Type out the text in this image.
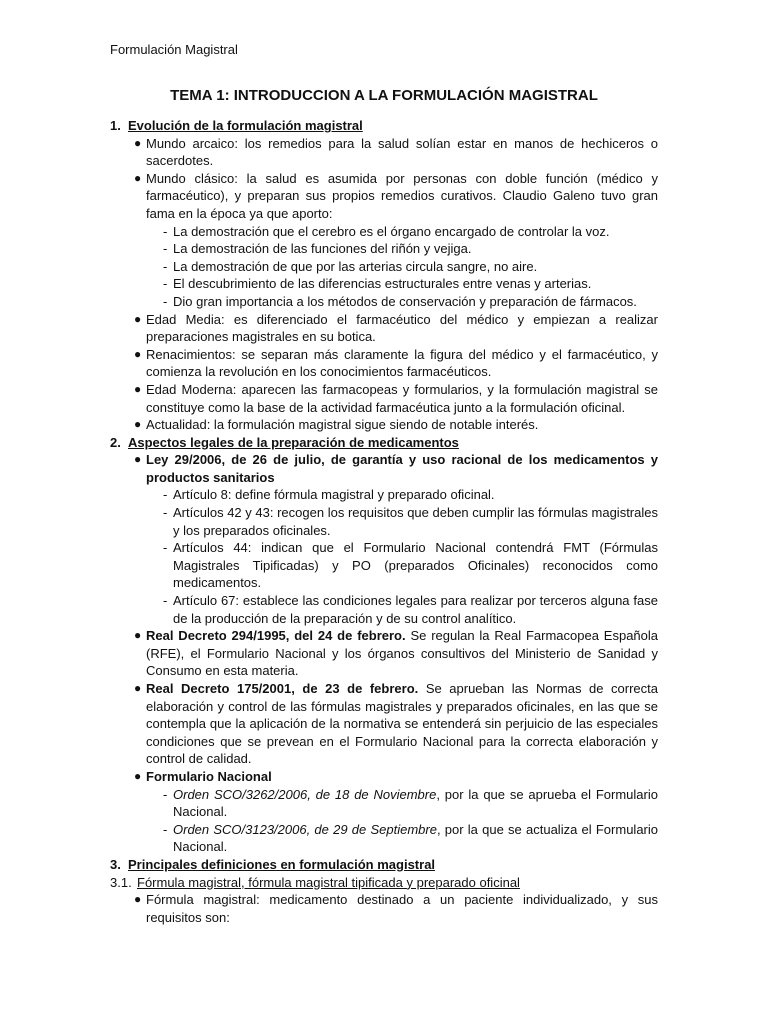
Formulación Magistral
TEMA 1: INTRODUCCION A LA FORMULACIÓN MAGISTRAL
1. Evolución de la formulación magistral
● Mundo arcaico: los remedios para la salud solían estar en manos de hechiceros o sacerdotes.
● Mundo clásico: la salud es asumida por personas con doble función (médico y farmacéutico), y preparan sus propios remedios curativos. Claudio Galeno tuvo gran fama en la época ya que aporto:
- La demostración que el cerebro es el órgano encargado de controlar la voz.
- La demostración de las funciones del riñón y vejiga.
- La demostración de que por las arterias circula sangre, no aire.
- El descubrimiento de las diferencias estructurales entre venas y arterias.
- Dio gran importancia a los métodos de conservación y preparación de fármacos.
● Edad Media: es diferenciado el farmacéutico del médico y empiezan a realizar preparaciones magistrales en su botica.
● Renacimientos: se separan más claramente la figura del médico y el farmacéutico, y comienza la revolución en los conocimientos farmacéuticos.
● Edad Moderna: aparecen las farmacopeas y formularios, y la formulación magistral se constituye como la base de la actividad farmacéutica junto a la formulación oficinal.
● Actualidad: la formulación magistral sigue siendo de notable interés.
2. Aspectos legales de la preparación de medicamentos
● Ley 29/2006, de 26 de julio, de garantía y uso racional de los medicamentos y productos sanitarios
- Artículo 8: define fórmula magistral y preparado oficinal.
- Artículos 42 y 43: recogen los requisitos que deben cumplir las fórmulas magistrales y los preparados oficinales.
- Artículos 44: indican que el Formulario Nacional contendrá FMT (Fórmulas Magistrales Tipificadas) y PO (preparados Oficinales) reconocidos como medicamentos.
- Artículo 67: establece las condiciones legales para realizar por terceros alguna fase de la producción de la preparación y de su control analítico.
● Real Decreto 294/1995, del 24 de febrero. Se regulan la Real Farmacopea Española (RFE), el Formulario Nacional y los órganos consultivos del Ministerio de Sanidad y Consumo en esta materia.
● Real Decreto 175/2001, de 23 de febrero. Se aprueban las Normas de correcta elaboración y control de las fórmulas magistrales y preparados oficinales, en las que se contempla que la aplicación de la normativa se entenderá sin perjuicio de las especiales condiciones que se prevean en el Formulario Nacional para la correcta elaboración y control de calidad.
● Formulario Nacional
- Orden SCO/3262/2006, de 18 de Noviembre, por la que se aprueba el Formulario Nacional.
- Orden SCO/3123/2006, de 29 de Septiembre, por la que se actualiza el Formulario Nacional.
3. Principales definiciones en formulación magistral
3.1. Fórmula magistral, fórmula magistral tipificada y preparado oficinal
● Fórmula magistral: medicamento destinado a un paciente individualizado, y sus requisitos son:
